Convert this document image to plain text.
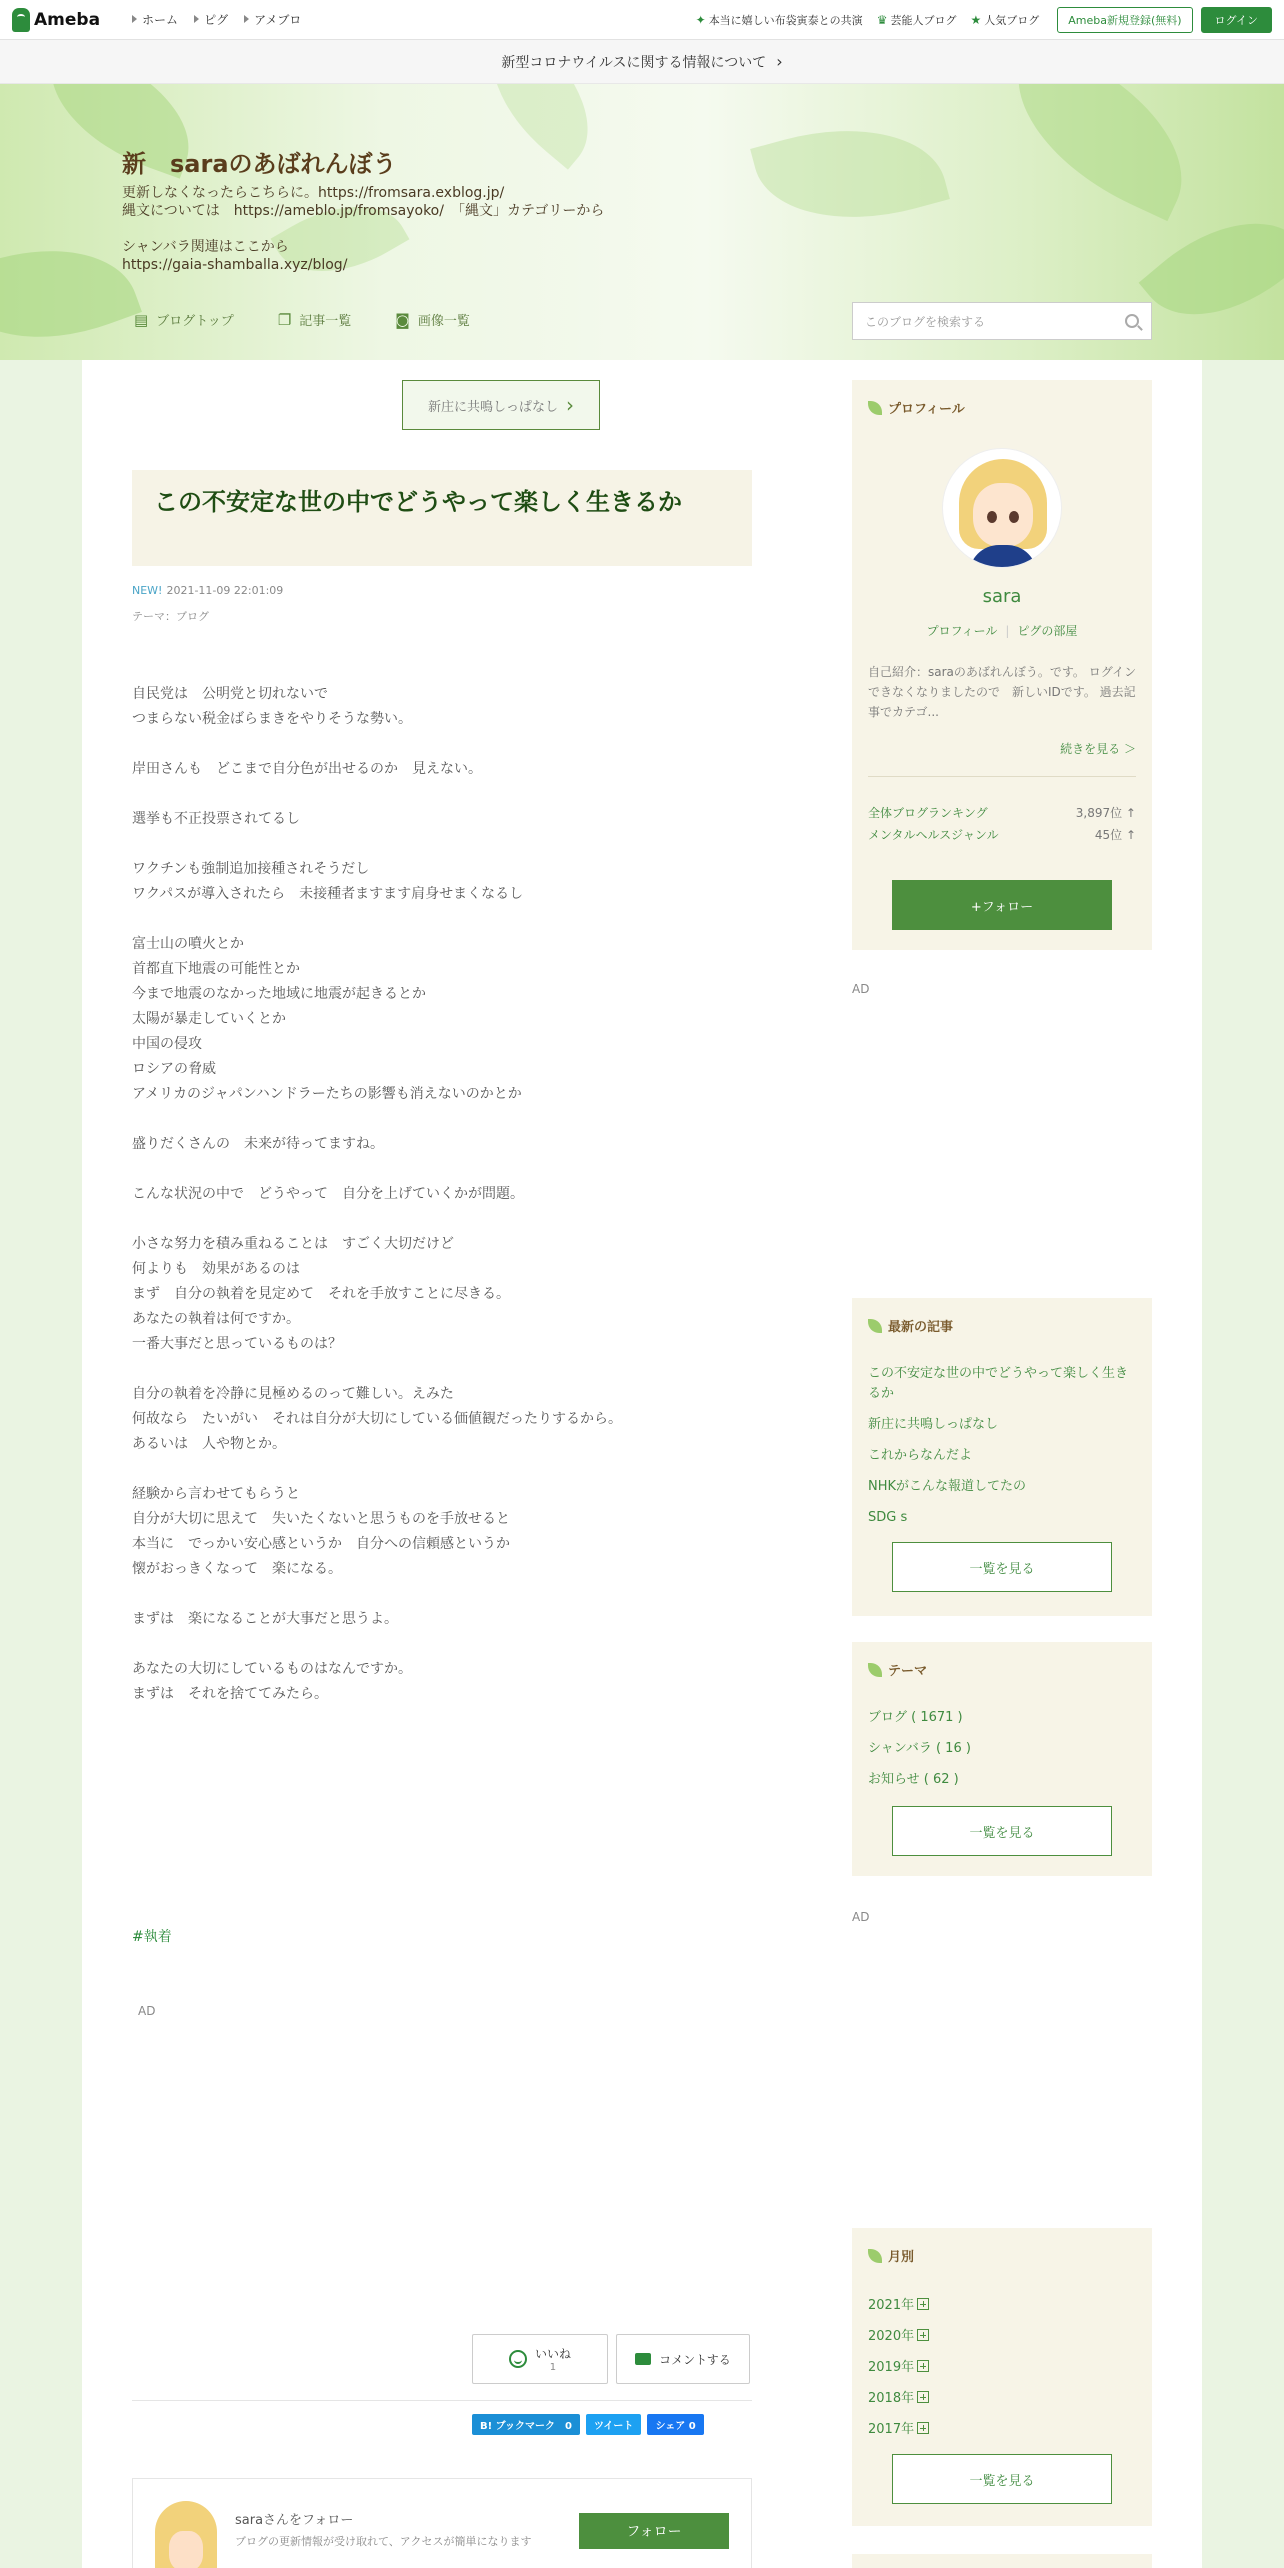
Ameba	ホーム	ピグ	アメブロ	✦ 本当に嬉しい布袋寅泰との共演 ♛ 芸能人ブログ ★ 人気ブログ	Ameba新規登録(無料)	ログイン
新型コロナウイルスに関する情報について ›
新　saraのあばれんぼう
更新しなくなったらこちらに。https://fromsara.exblog.jp/
縄文については　https://ameblo.jp/fromsayoko/　「縄文」カテゴリーから

シャンバラ関連はここから
https://gaia-shamballa.xyz/blog/
▤ ブログトップ	❐ 記事一覧	◙ 画像一覧	このブログを検索する
新庄に共鳴しっぱなし ›
この不安定な世の中でどうやって楽しく生きるか
NEW! 2021-11-09 22:01:09
テーマ：ブログ

自民党は　公明党と切れないで

つまらない税金ばらまきをやりそうな勢い。

岸田さんも　どこまで自分色が出せるのか　見えない。

選挙も不正投票されてるし

ワクチンも強制追加接種されそうだし

ワクパスが導入されたら　未接種者ますます肩身せまくなるし

富士山の噴火とか

首都直下地震の可能性とか

今まで地震のなかった地域に地震が起きるとか

太陽が暴走していくとか

中国の侵攻

ロシアの脅威

アメリカのジャパンハンドラーたちの影響も消えないのかとか

盛りだくさんの　未来が待ってますね。

こんな状況の中で　どうやって　自分を上げていくかが問題。

小さな努力を積み重ねることは　すごく大切だけど

何よりも　効果があるのは

まず　自分の執着を見定めて　それを手放すことに尽きる。

あなたの執着は何ですか。

一番大事だと思っているものは？

自分の執着を冷静に見極めるのって難しい。えみた

何故なら　たいがい　それは自分が大切にしている価値観だったりするから。

あるいは　人や物とか。

経験から言わせてもらうと

自分が大切に思えて　失いたくないと思うものを手放せると

本当に　でっかい安心感というか　自分への信頼感というか

懐がおっきくなって　楽になる。

まずは　楽になることが大事だと思うよ。

あなたの大切にしているものはなんですか。

まずは　それを捨ててみたら。

#執着
AD
いいね
1
コメントする
B! ブックマーク　0	ツイート	シェア 0
saraさんをフォロー
ブログの更新情報が受け取れて、アクセスが簡単になります
フォロー
プロフィール
sara
プロフィール | ピグの部屋
自己紹介：saraのあばれんぼう。です。 ログインできなくなりましたので　新しいIDです。 過去記事でカテゴ...
続きを見る ＞
全体ブログランキング	3,897位 ↑
メンタルヘルスジャンル	45位 ↑
+フォロー
AD
最新の記事
この不安定な世の中でどうやって楽しく生きるか
新庄に共鳴しっぱなし
これからなんだよ
NHKがこんな報道してたの
SDG s
一覧を見る
テーマ
ブログ ( 1671 )
シャンバラ ( 16 )
お知らせ ( 62 )
一覧を見る
AD
月別
2021年
2020年
2019年
2018年
2017年
一覧を見る
